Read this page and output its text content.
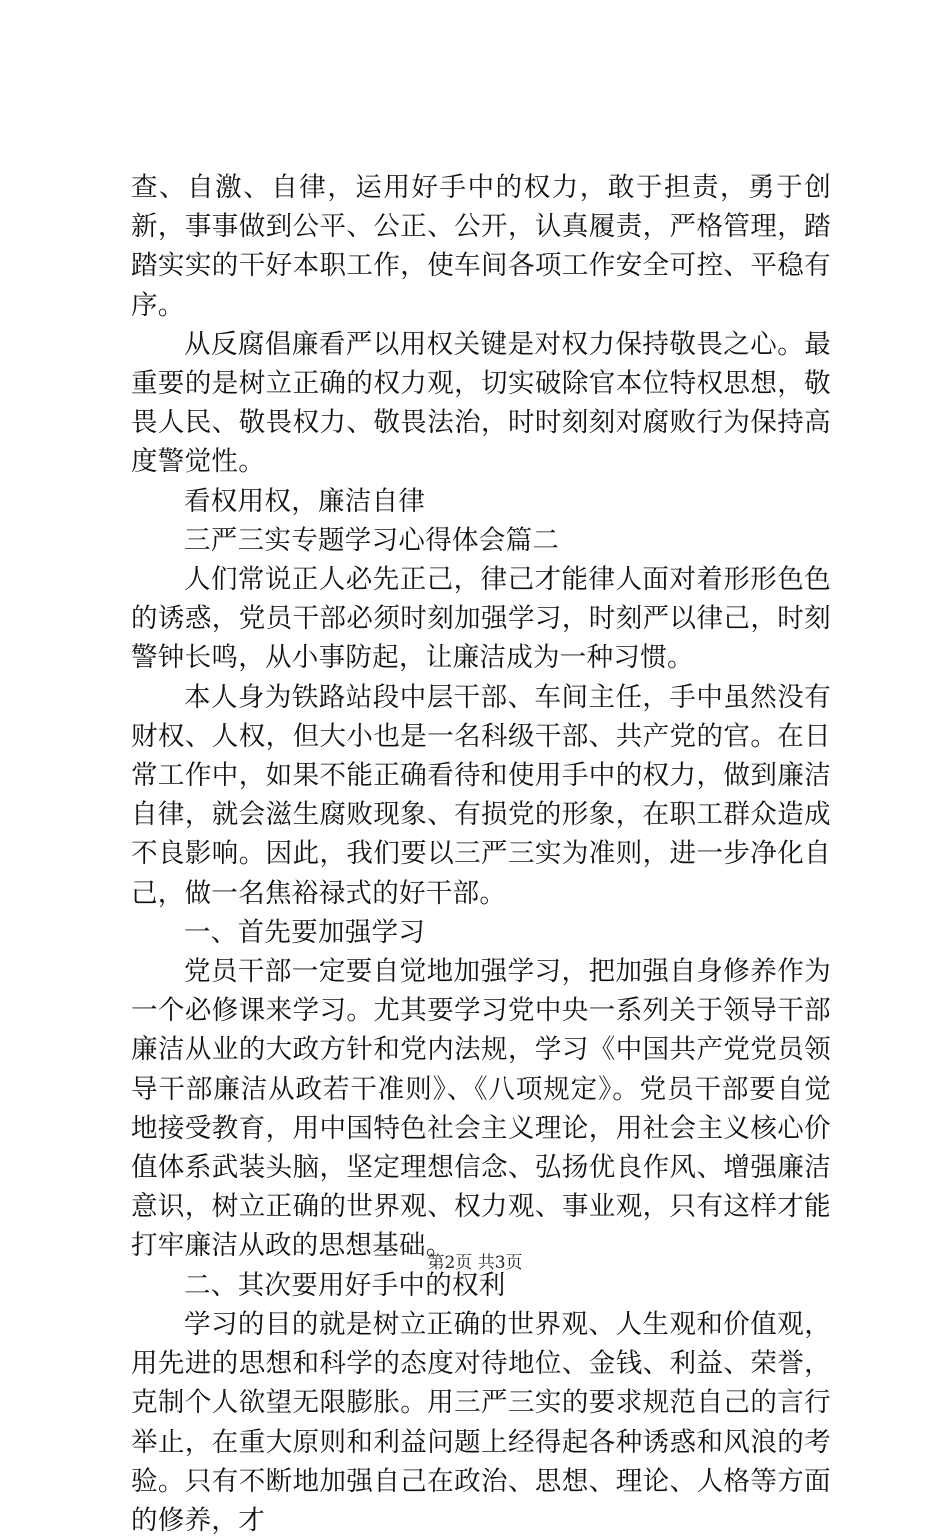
查、自激、自律，运用好手中的权力，敢于担责，勇于创新，事事做到公平、公正、公开，认真履责，严格管理，踏踏实实的干好本职工作，使车间各项工作安全可控、平稳有序。

从反腐倡廉看严以用权关键是对权力保持敬畏之心。最重要的是树立正确的权力观，切实破除官本位特权思想，敬畏人民、敬畏权力、敬畏法治，时时刻刻对腐败行为保持高度警觉性。

看权用权，廉洁自律

三严三实专题学习心得体会篇二

人们常说正人必先正己，律己才能律人面对着形形色色的诱惑，党员干部必须时刻加强学习，时刻严以律己，时刻警钟长鸣，从小事防起，让廉洁成为一种习惯。

本人身为铁路站段中层干部、车间主任，手中虽然没有财权、人权，但大小也是一名科级干部、共产党的官。在日常工作中，如果不能正确看待和使用手中的权力，做到廉洁自律，就会滋生腐败现象、有损党的形象，在职工群众造成不良影响。因此，我们要以三严三实为准则，进一步净化自己，做一名焦裕禄式的好干部。

一、首先要加强学习

党员干部一定要自觉地加强学习，把加强自身修养作为一个必修课来学习。尤其要学习党中央一系列关于领导干部廉洁从业的大政方针和党内法规，学习《中国共产党党员领导干部廉洁从政若干准则》、《八项规定》。党员干部要自觉地接受教育，用中国特色社会主义理论，用社会主义核心价值体系武装头脑，坚定理想信念、弘扬优良作风、增强廉洁意识，树立正确的世界观、权力观、事业观，只有这样才能打牢廉洁从政的思想基础。

二、其次要用好手中的权利

学习的目的就是树立正确的世界观、人生观和价值观，用先进的思想和科学的态度对待地位、金钱、利益、荣誉，克制个人欲望无限膨胀。用三严三实的要求规范自己的言行举止，在重大原则和利益问题上经得起各种诱惑和风浪的考验。只有不断地加强自己在政治、思想、理论、人格等方面的修养，才

第2页 共3页
